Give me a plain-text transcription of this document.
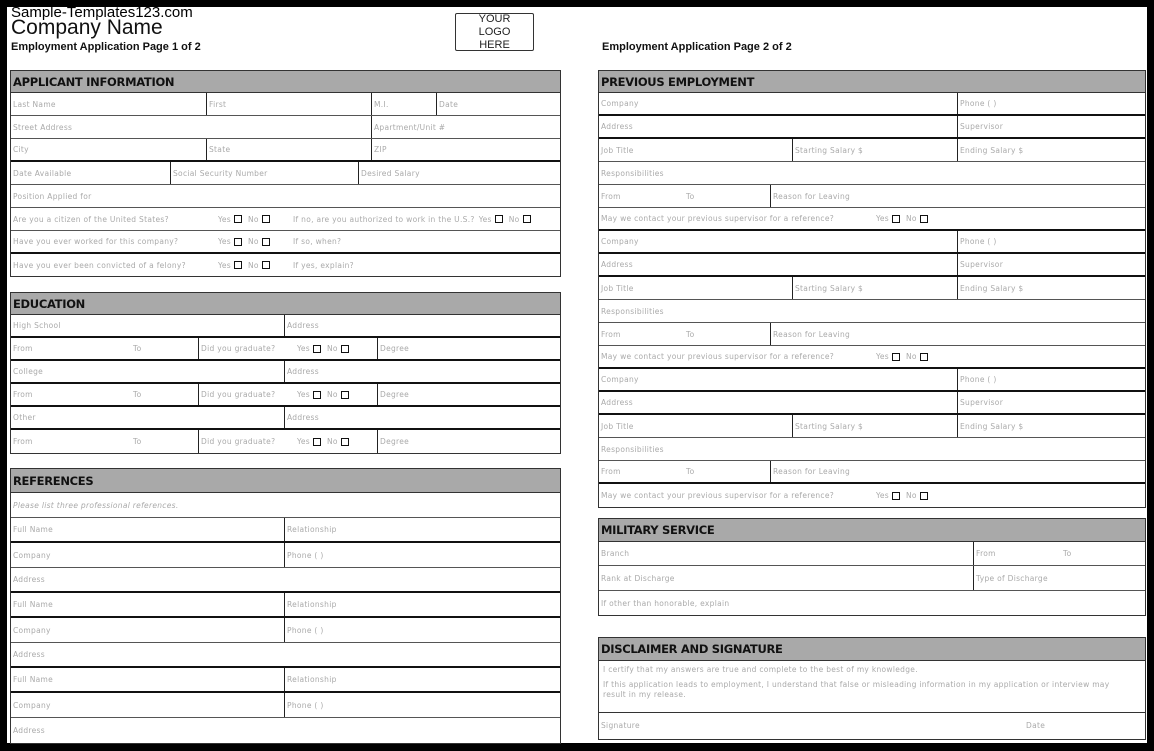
Sample-Templates123.com
Company Name
Employment Application Page 1 of 2
YOUR LOGO HERE	Employment Application Page 2 of 2
APPLICANT INFORMATION
Last Name	First	M.I.	Date
Street Address	Apartment/Unit #
City	State	ZIP
Date Available	Social Security Number	Desired Salary
Position Applied for
Are you a citizen of the United States?	Yes No	If no, are you authorized to work in the U.S.? Yes No
Have you ever worked for this company?	Yes No	If so, when?
Have you ever been convicted of a felony?	Yes No	If yes, explain?
EDUCATION
High School	Address
From	To	Did you graduate?	Yes No	Degree
College	Address
From	To	Did you graduate?	Yes No	Degree
Other	Address
From	To	Did you graduate?	Yes No	Degree
REFERENCES
Please list three professional references.
Full Name	Relationship
Company	Phone ( )
Address
Full Name	Relationship
Company	Phone ( )
Address
Full Name	Relationship
Company	Phone ( )
Address
PREVIOUS EMPLOYMENT
Company	Phone ( )
Address	Supervisor
Job Title	Starting Salary $	Ending Salary $
Responsibilities
From	To	Reason for Leaving
May we contact your previous supervisor for a reference?	Yes No
Company	Phone ( )
Address	Supervisor
Job Title	Starting Salary $	Ending Salary $
Responsibilities
From	To	Reason for Leaving
May we contact your previous supervisor for a reference?	Yes No
Company	Phone ( )
Address	Supervisor
Job Title	Starting Salary $	Ending Salary $
Responsibilities
From	To	Reason for Leaving
May we contact your previous supervisor for a reference?	Yes No
MILITARY SERVICE
Branch	From	To
Rank at Discharge	Type of Discharge
If other than honorable, explain
DISCLAIMER AND SIGNATURE
I certify that my answers are true and complete to the best of my knowledge.
If this application leads to employment, I understand that false or misleading information in my application or interview may result in my release.
Signature	Date
